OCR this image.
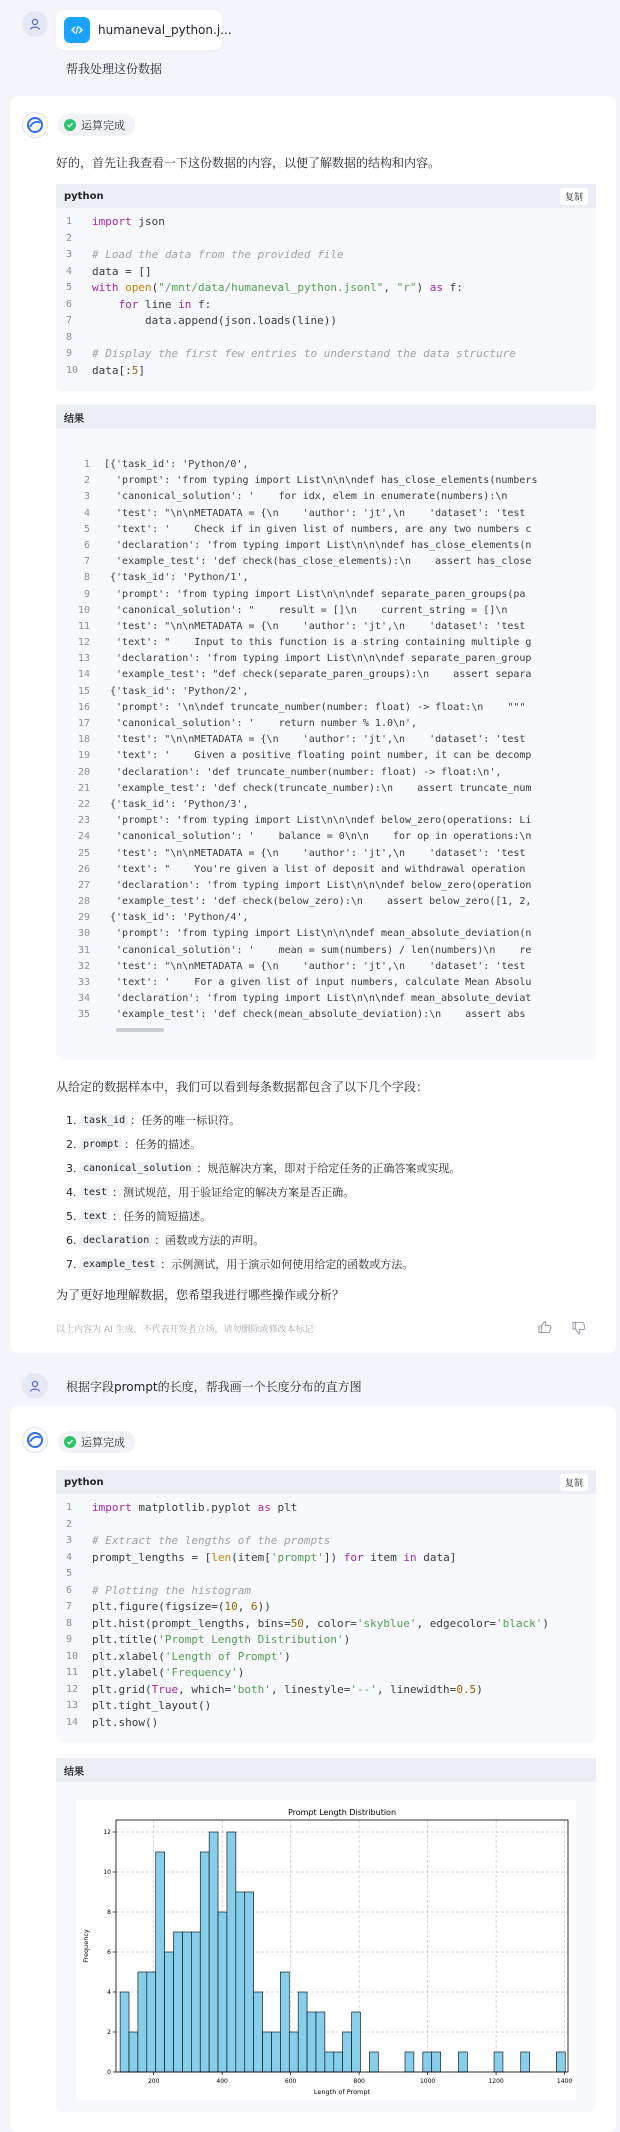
humaneval_python.j...
帮我处理这份数据
运算完成
好的，首先让我查看一下这份数据的内容，以便了解数据的结构和内容。
python	复制
1	import json
2
3	# Load the data from the provided file
4	data = []
5	with
open ( "/mnt/data/humaneval_python.jsonl" , "r" ) as f:
6
	for line in f:
7	data.append(json.loads(line))
8
9	# Display the first few entries to understand the data structure
10	data[: 5 ]
结果
1	[{'task_id': 'Python/0',
2	'prompt': 'from typing import List\n\n\ndef has_close_elements(numbers
3	'canonical_solution': '    for idx, elem in enumerate(numbers):\n
4	'test': "\n\nMETADATA = {\n    'author': 'jt',\n    'dataset': 'test
5	'text': '    Check if in given list of numbers, are any two numbers c
6	'declaration': 'from typing import List\n\n\ndef has_close_elements(n
7	'example_test': 'def check(has_close_elements):\n    assert has_close
8	{'task_id': 'Python/1',
9	'prompt': 'from typing import List\n\n\ndef separate_paren_groups(pa
10	'canonical_solution': "    result = []\n    current_string = []\n
11	'test': "\n\nMETADATA = {\n    'author': 'jt',\n    'dataset': 'test
12	'text': "    Input to this function is a string containing multiple g
13	'declaration': 'from typing import List\n\n\ndef separate_paren_group
14	'example_test': "def check(separate_paren_groups):\n    assert separa
15	{'task_id': 'Python/2',
16	'prompt': '\n\ndef truncate_number(number: float) -> float:\n    """
17	'canonical_solution': '    return number % 1.0\n',
18	'test': "\n\nMETADATA = {\n    'author': 'jt',\n    'dataset': 'test
19	'text': '    Given a positive floating point number, it can be decomp
20	'declaration': 'def truncate_number(number: float) -> float:\n',
21	'example_test': 'def check(truncate_number):\n    assert truncate_num
22	{'task_id': 'Python/3',
23	'prompt': 'from typing import List\n\n\ndef below_zero(operations: Li
24	'canonical_solution': '    balance = 0\n\n    for op in operations:\n
25	'test': "\n\nMETADATA = {\n    'author': 'jt',\n    'dataset': 'test
26	'text': "    You're given a list of deposit and withdrawal operation
27	'declaration': 'from typing import List\n\n\ndef below_zero(operation
28	'example_test': 'def check(below_zero):\n    assert below_zero([1, 2,
29	{'task_id': 'Python/4',
30	'prompt': 'from typing import List\n\n\ndef mean_absolute_deviation(n
31	'canonical_solution': '    mean = sum(numbers) / len(numbers)\n    re
32	'test': "\n\nMETADATA = {\n    'author': 'jt',\n    'dataset': 'test
33	'text': '    For a given list of input numbers, calculate Mean Absolu
34	'declaration': 'from typing import List\n\n\ndef mean_absolute_deviat
35	'example_test': 'def check(mean_absolute_deviation):\n    assert abs
从给定的数据样本中，我们可以看到每条数据都包含了以下几个字段：
1. task_id ：任务的唯一标识符。
2. prompt ：任务的描述。
3. canonical_solution ：规范解决方案，即对于给定任务的正确答案或实现。
4. test ：测试规范，用于验证给定的解决方案是否正确。
5. text ：任务的简短描述。
6. declaration ：函数或方法的声明。
7. example_test ：示例测试，用于演示如何使用给定的函数或方法。
为了更好地理解数据，您希望我进行哪些操作或分析？
以上内容为 AI 生成，不代表开发者立场，请勿删除或修改本标记
根据字段prompt的长度，帮我画一个长度分布的直方图
运算完成
python	复制
1	import matplotlib.pyplot as plt
2
3	# Extract the lengths of the prompts
4	prompt_lengths = [ len (item[ 'prompt' ]) for item in data]
5
6	# Plotting the histogram
7	plt.figure(figsize=( 10 , 6 ))
8	plt.hist(prompt_lengths, bins= 50 , color= 'skyblue' , edgecolor= 'black' )
9	plt.title( 'Prompt Length Distribution' )
10	plt.xlabel( 'Length of Prompt' )
11	plt.ylabel( 'Frequency' )
12	plt.grid( True , which= 'both' , linestyle= '--' , linewidth= 0.5 )
13	plt.tight_layout()
14	plt.show()
结果
200	400	600	800	1000	1200	1400
0
2
4
6
8
10
12
Prompt Length Distribution
Length of Prompt
Frequency
